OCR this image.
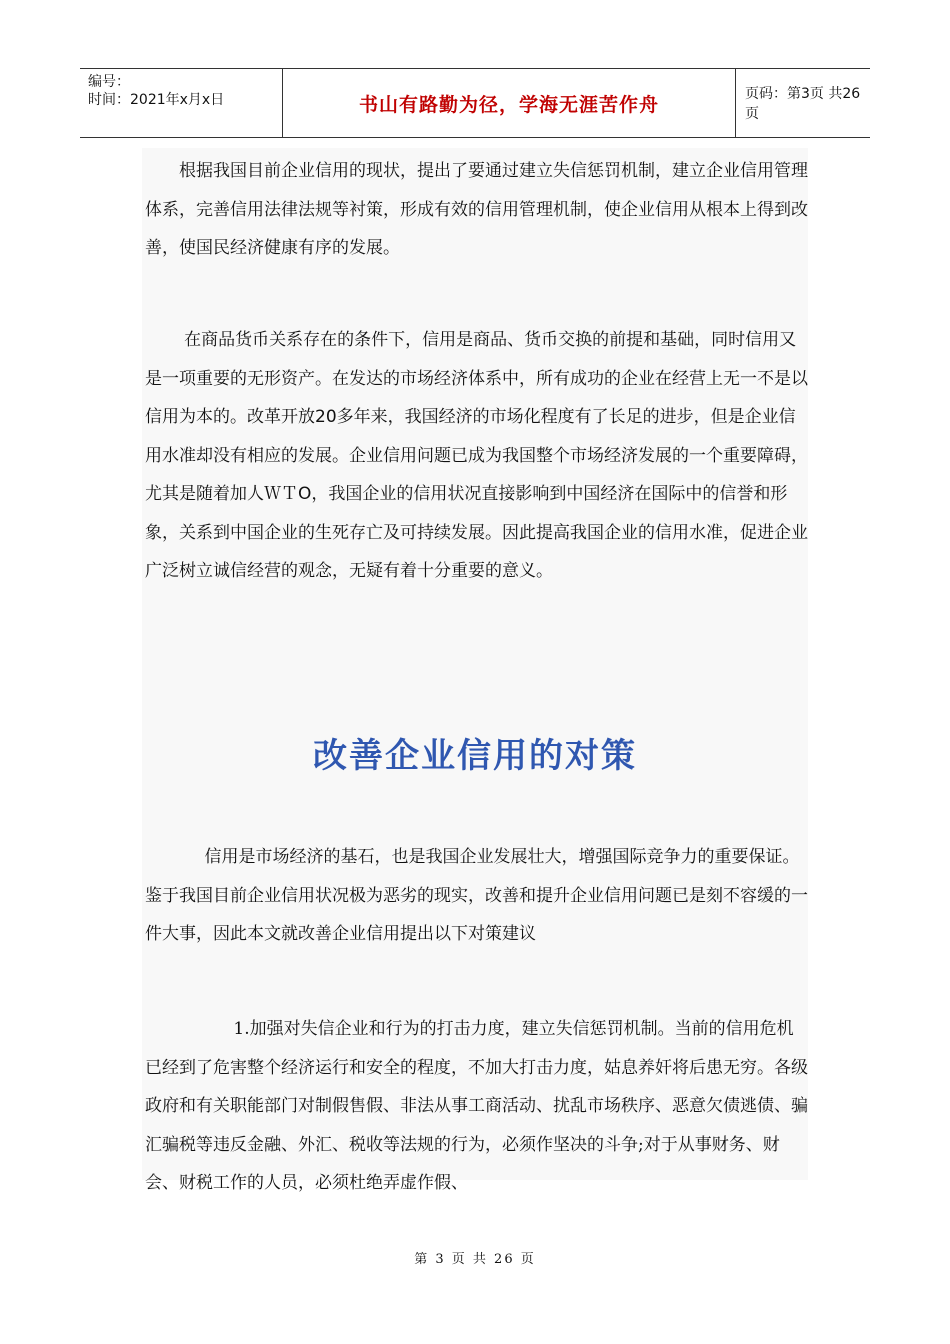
编号：
时间：2021年x月x日	书山有路勤为径，学海无涯苦作舟	页码：第3页 共26页

根据我国目前企业信用的现状，提出了要通过建立失信惩罚机制，建立企业信用管理体系，完善信用法律法规等衬策，形成有效的信用管理机制，使企业信用从根本上得到改善，使国民经济健康有序的发展。

在商品货币关系存在的条件下，信用是商品、货币交换的前提和基础，同时信用又是一项重要的无形资产。在发达的市场经济体系中，所有成功的企业在经营上无一不是以信用为本的。改革开放20多年来，我国经济的市场化程度有了长足的进步，但是企业信用水准却没有相应的发展。企业信用问题已成为我国整个市场经济发展的一个重要障碍，尤其是随着加人ＷＴO，我国企业的信用状况直接影响到中国经济在国际中的信誉和形象，关系到中国企业的生死存亡及可持续发展。因此提高我国企业的信用水准，促进企业广泛树立诚信经营的观念，无疑有着十分重要的意义。

改善企业信用的对策

信用是市场经济的基石，也是我国企业发展壮大，增强国际竞争力的重要保证。鉴于我国目前企业信用状况极为恶劣的现实，改善和提升企业信用问题已是刻不容缓的一件大事，因此本文就改善企业信用提出以下对策建议

1.加强对失信企业和行为的打击力度，建立失信惩罚机制。当前的信用危机已经到了危害整个经济运行和安全的程度，不加大打击力度，姑息养奸将后患无穷。各级政府和有关职能部门对制假售假、非法从事工商活动、扰乱市场秩序、恶意欠债逃债、骗汇骗税等违反金融、外汇、税收等法规的行为，必须作坚决的斗争;对于从事财务、财会、财税工作的人员，必须杜绝弄虚作假、

第 3 页 共 26 页
